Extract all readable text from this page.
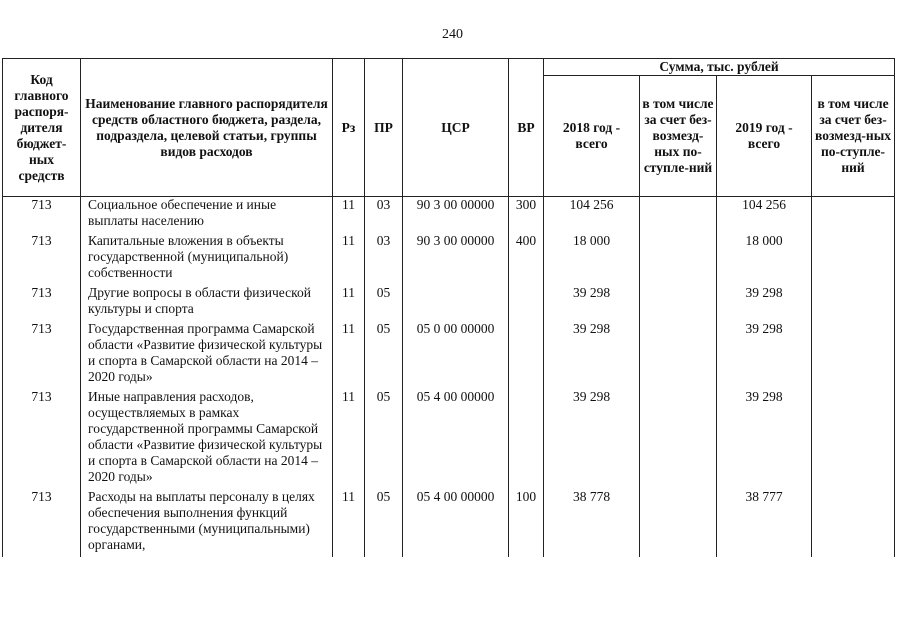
240
Код главного распоря-дителя бюджет-ных средств	Наименование главного распорядителя средств областного бюджета, раздела, подраздела, целевой статьи, группы видов расходов	Рз	ПР	ЦСР	ВР	Сумма, тыс. рублей			
						2018 год - всего	в том числе за счет без-возмезд-ных по-ступле-ний	2019 год - всего	в том числе за счет без-возмезд-ных по-ступле-ний
713	Социальное обеспечение и иные выплаты населению	11	03	90 3 00 00000	300	104 256		104 256	
713	Капитальные вложения в объекты государственной (муниципальной) собственности	11	03	90 3 00 00000	400	18 000		18 000	
713	Другие вопросы в области физической культуры и спорта	11	05			39 298		39 298	
713	Государственная программа Самарской области «Развитие физической культуры и спорта в Самарской области на 2014 – 2020 годы»	11	05	05 0 00 00000		39 298		39 298	
713	Иные направления расходов, осуществляемых в рамках государственной программы Самарской области «Развитие физической культуры и спорта в Самарской области на 2014 – 2020 годы»	11	05	05 4 00 00000		39 298		39 298	
713	Расходы на выплаты персоналу в целях обеспечения выполнения функций государственными (муниципальными) органами,	11	05	05 4 00 00000	100	38 778		38 777	
